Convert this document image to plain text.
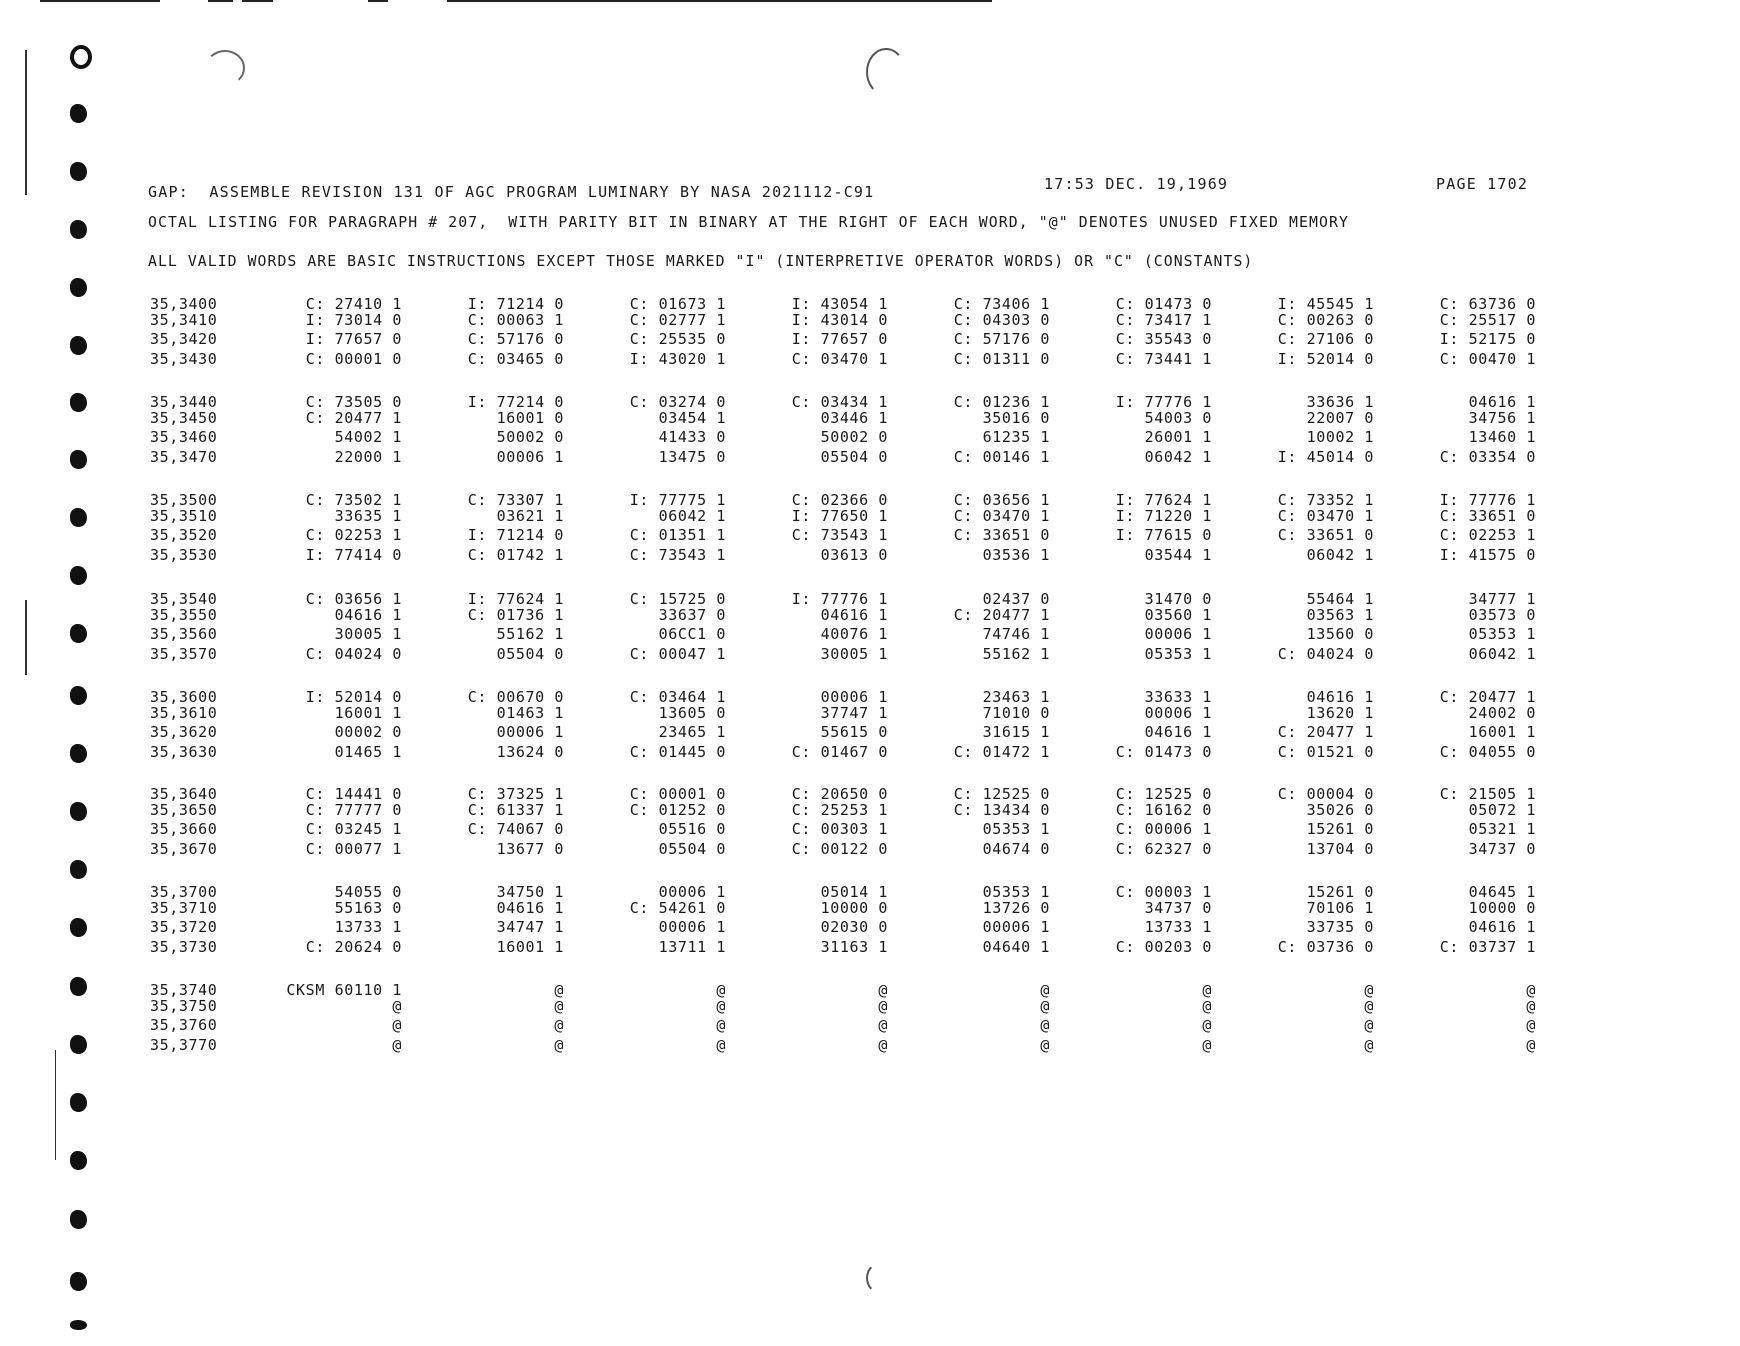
GAP:  ASSEMBLE REVISION 131 OF AGC PROGRAM LUMINARY BY NASA 2021112-C91	17:53 DEC. 19,1969	PAGE 1702
OCTAL LISTING FOR PARAGRAPH # 207,  WITH PARITY BIT IN BINARY AT THE RIGHT OF EACH WORD, "@" DENOTES UNUSED FIXED MEMORY
ALL VALID WORDS ARE BASIC INSTRUCTIONS EXCEPT THOSE MARKED "I" (INTERPRETIVE OPERATOR WORDS) OR "C" (CONSTANTS)
35,3400	C: 27410 1	I: 71214 0	C: 01673 1	I: 43054 1	C: 73406 1	C: 01473 0	I: 45545 1	C: 63736 0
35,3410	I: 73014 0	C: 00063 1	C: 02777 1	I: 43014 0	C: 04303 0	C: 73417 1	C: 00263 0	C: 25517 0
35,3420	I: 77657 0	C: 57176 0	C: 25535 0	I: 77657 0	C: 57176 0	C: 35543 0	C: 27106 0	I: 52175 0
35,3430	C: 00001 0	C: 03465 0	I: 43020 1	C: 03470 1	C: 01311 0	C: 73441 1	I: 52014 0	C: 00470 1
35,3440	C: 73505 0	I: 77214 0	C: 03274 0	C: 03434 1	C: 01236 1	I: 77776 1	33636 1	04616 1
35,3450	C: 20477 1	16001 0	03454 1	03446 1	35016 0	54003 0	22007 0	34756 1
35,3460	54002 1	50002 0	41433 0	50002 0	61235 1	26001 1	10002 1	13460 1
35,3470	22000 1	00006 1	13475 0	05504 0	C: 00146 1	06042 1	I: 45014 0	C: 03354 0
35,3500	C: 73502 1	C: 73307 1	I: 77775 1	C: 02366 0	C: 03656 1	I: 77624 1	C: 73352 1	I: 77776 1
35,3510	33635 1	03621 1	06042 1	I: 77650 1	C: 03470 1	I: 71220 1	C: 03470 1	C: 33651 0
35,3520	C: 02253 1	I: 71214 0	C: 01351 1	C: 73543 1	C: 33651 0	I: 77615 0	C: 33651 0	C: 02253 1
35,3530	I: 77414 0	C: 01742 1	C: 73543 1	03613 0	03536 1	03544 1	06042 1	I: 41575 0
35,3540	C: 03656 1	I: 77624 1	C: 15725 0	I: 77776 1	02437 0	31470 0	55464 1	34777 1
35,3550	04616 1	C: 01736 1	33637 0	04616 1	C: 20477 1	03560 1	03563 1	03573 0
35,3560	30005 1	55162 1	06CC1 0	40076 1	74746 1	00006 1	13560 0	05353 1
35,3570	C: 04024 0	05504 0	C: 00047 1	30005 1	55162 1	05353 1	C: 04024 0	06042 1
35,3600	I: 52014 0	C: 00670 0	C: 03464 1	00006 1	23463 1	33633 1	04616 1	C: 20477 1
35,3610	16001 1	01463 1	13605 0	37747 1	71010 0	00006 1	13620 1	24002 0
35,3620	00002 0	00006 1	23465 1	55615 0	31615 1	04616 1	C: 20477 1	16001 1
35,3630	01465 1	13624 0	C: 01445 0	C: 01467 0	C: 01472 1	C: 01473 0	C: 01521 0	C: 04055 0
35,3640	C: 14441 0	C: 37325 1	C: 00001 0	C: 20650 0	C: 12525 0	C: 12525 0	C: 00004 0	C: 21505 1
35,3650	C: 77777 0	C: 61337 1	C: 01252 0	C: 25253 1	C: 13434 0	C: 16162 0	35026 0	05072 1
35,3660	C: 03245 1	C: 74067 0	05516 0	C: 00303 1	05353 1	C: 00006 1	15261 0	05321 1
35,3670	C: 00077 1	13677 0	05504 0	C: 00122 0	04674 0	C: 62327 0	13704 0	34737 0
35,3700	54055 0	34750 1	00006 1	05014 1	05353 1	C: 00003 1	15261 0	04645 1
35,3710	55163 0	04616 1	C: 54261 0	10000 0	13726 0	34737 0	70106 1	10000 0
35,3720	13733 1	34747 1	00006 1	02030 0	00006 1	13733 1	33735 0	04616 1
35,3730	C: 20624 0	16001 1	13711 1	31163 1	04640 1	C: 00203 0	C: 03736 0	C: 03737 1
35,3740	CKSM 60110 1	@	@	@	@	@	@	@
35,3750	@	@	@	@	@	@	@	@
35,3760	@	@	@	@	@	@	@	@
35,3770	@	@	@	@	@	@	@	@
